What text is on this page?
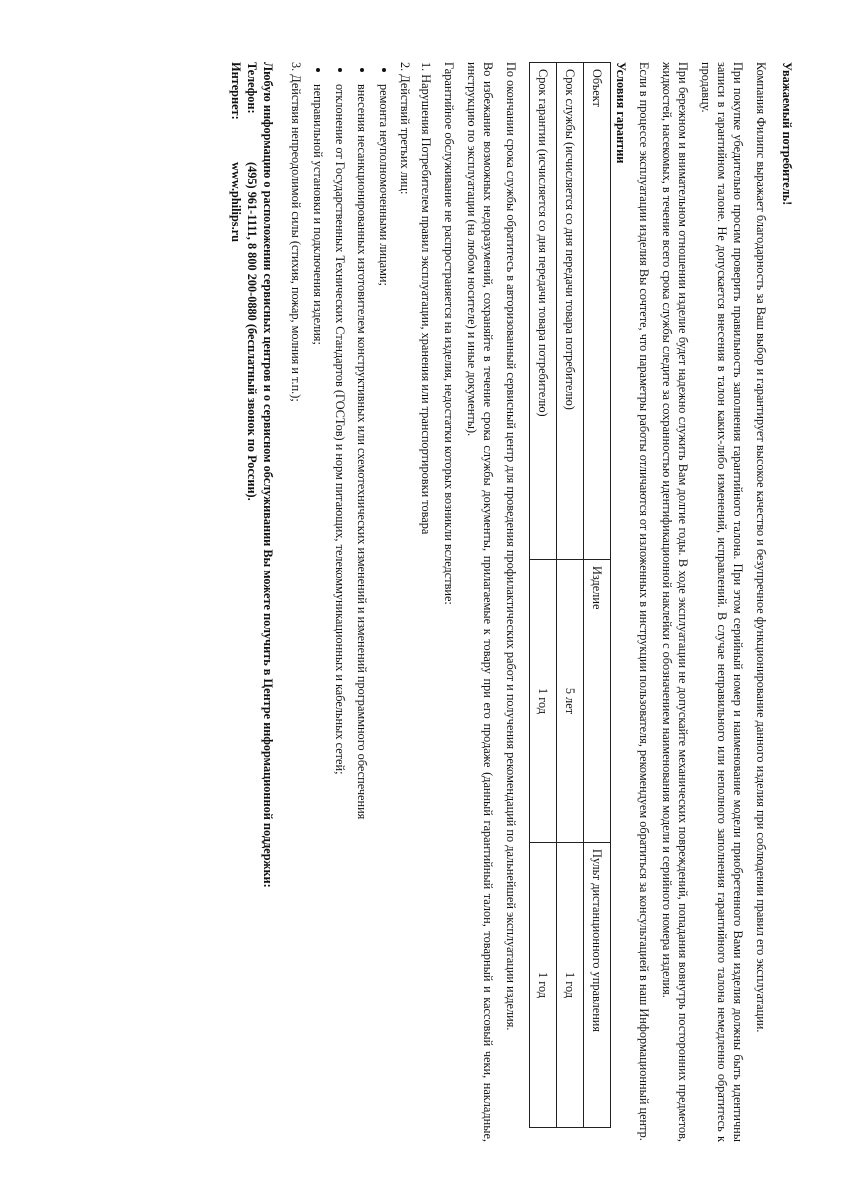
Уважаемый потребитель!

Компания Филипс выражает благодарность за Ваш выбор и гарантирует высокое качество и безупречное функционирование данного изделия при соблюдении правил его эксплуатации.

При покупке убедительно просим проверить правильность заполнения гарантийного талона. При этом серийный номер и наименование модели приобретенного Вами изделия должны быть идентичны записи в гарантийном талоне. Не допускается внесения в талон каких-либо изменений, исправлений. В случае неправильного или неполного заполнения гарантийного талона немедленно обратитесь к продавцу.

При бережном и внимательном отношении изделие будет надежно служить Вам долгие годы. В ходе эксплуатации не допускайте механических повреждений, попадания вовнутрь посторонних предметов, жидкостей, насекомых, в течение всего срока службы следите за сохранностью идентификационной наклейки с обозначением наименования модели и серийного номера изделия.

Если в процессе эксплуатации изделия Вы сочтете, что параметры работы отличаются от изложенных в инструкции пользователя, рекомендуем обратиться за консультацией в наш Информационный центр.

Условия гарантии
Объект	Изделие	Пульт дистанционного управления
Срок службы (исчисляется со дня передачи товара потребителю)	5 лет	1 год
Срок гарантии (исчисляется со дня передачи товара потребителю)	1 год	1 год

По окончании срока службы обратитесь в авторизованный сервисный центр для проведения профилактических работ и получения рекомендаций по дальнейшей эксплуатации изделия.

Во избежание возможных недоразумений, сохраняйте в течение срока службы документы, прилагаемые к товару при его продаже (данный гарантийный талон, товарный и кассовый чеки, накладные, инструкцию по эксплуатации (на любом носителе) и иные документы).

Гарантийное обслуживание не распространяется на изделия, недостатки которых возникли вследствие:

1. Нарушения Потребителем правил эксплуатации, хранения или транспортировки товара
2. Действий третьих лиц:
ремонта неуполномоченными лицами;
внесения несанкционированных изготовителем конструктивных или схемотехнических изменений и изменений программного обеспечения
отклонение от Государственных Технических Стандартов (ГОСТов) и норм питающих, телекоммуникационных и кабельных сетей;
неправильной установки и подключения изделия;
3. Действия непреодолимой силы (стихия, пожар, молния и т.п.);
Любую информацию о расположении сервисных центров и о сервисном обслуживании Вы можете получить в Центре информационной поддержки:
Телефон:
(495) 961-1111, 8 800 200-0880 (бесплатный звонок по России).
Интернет:
www.philips.ru
